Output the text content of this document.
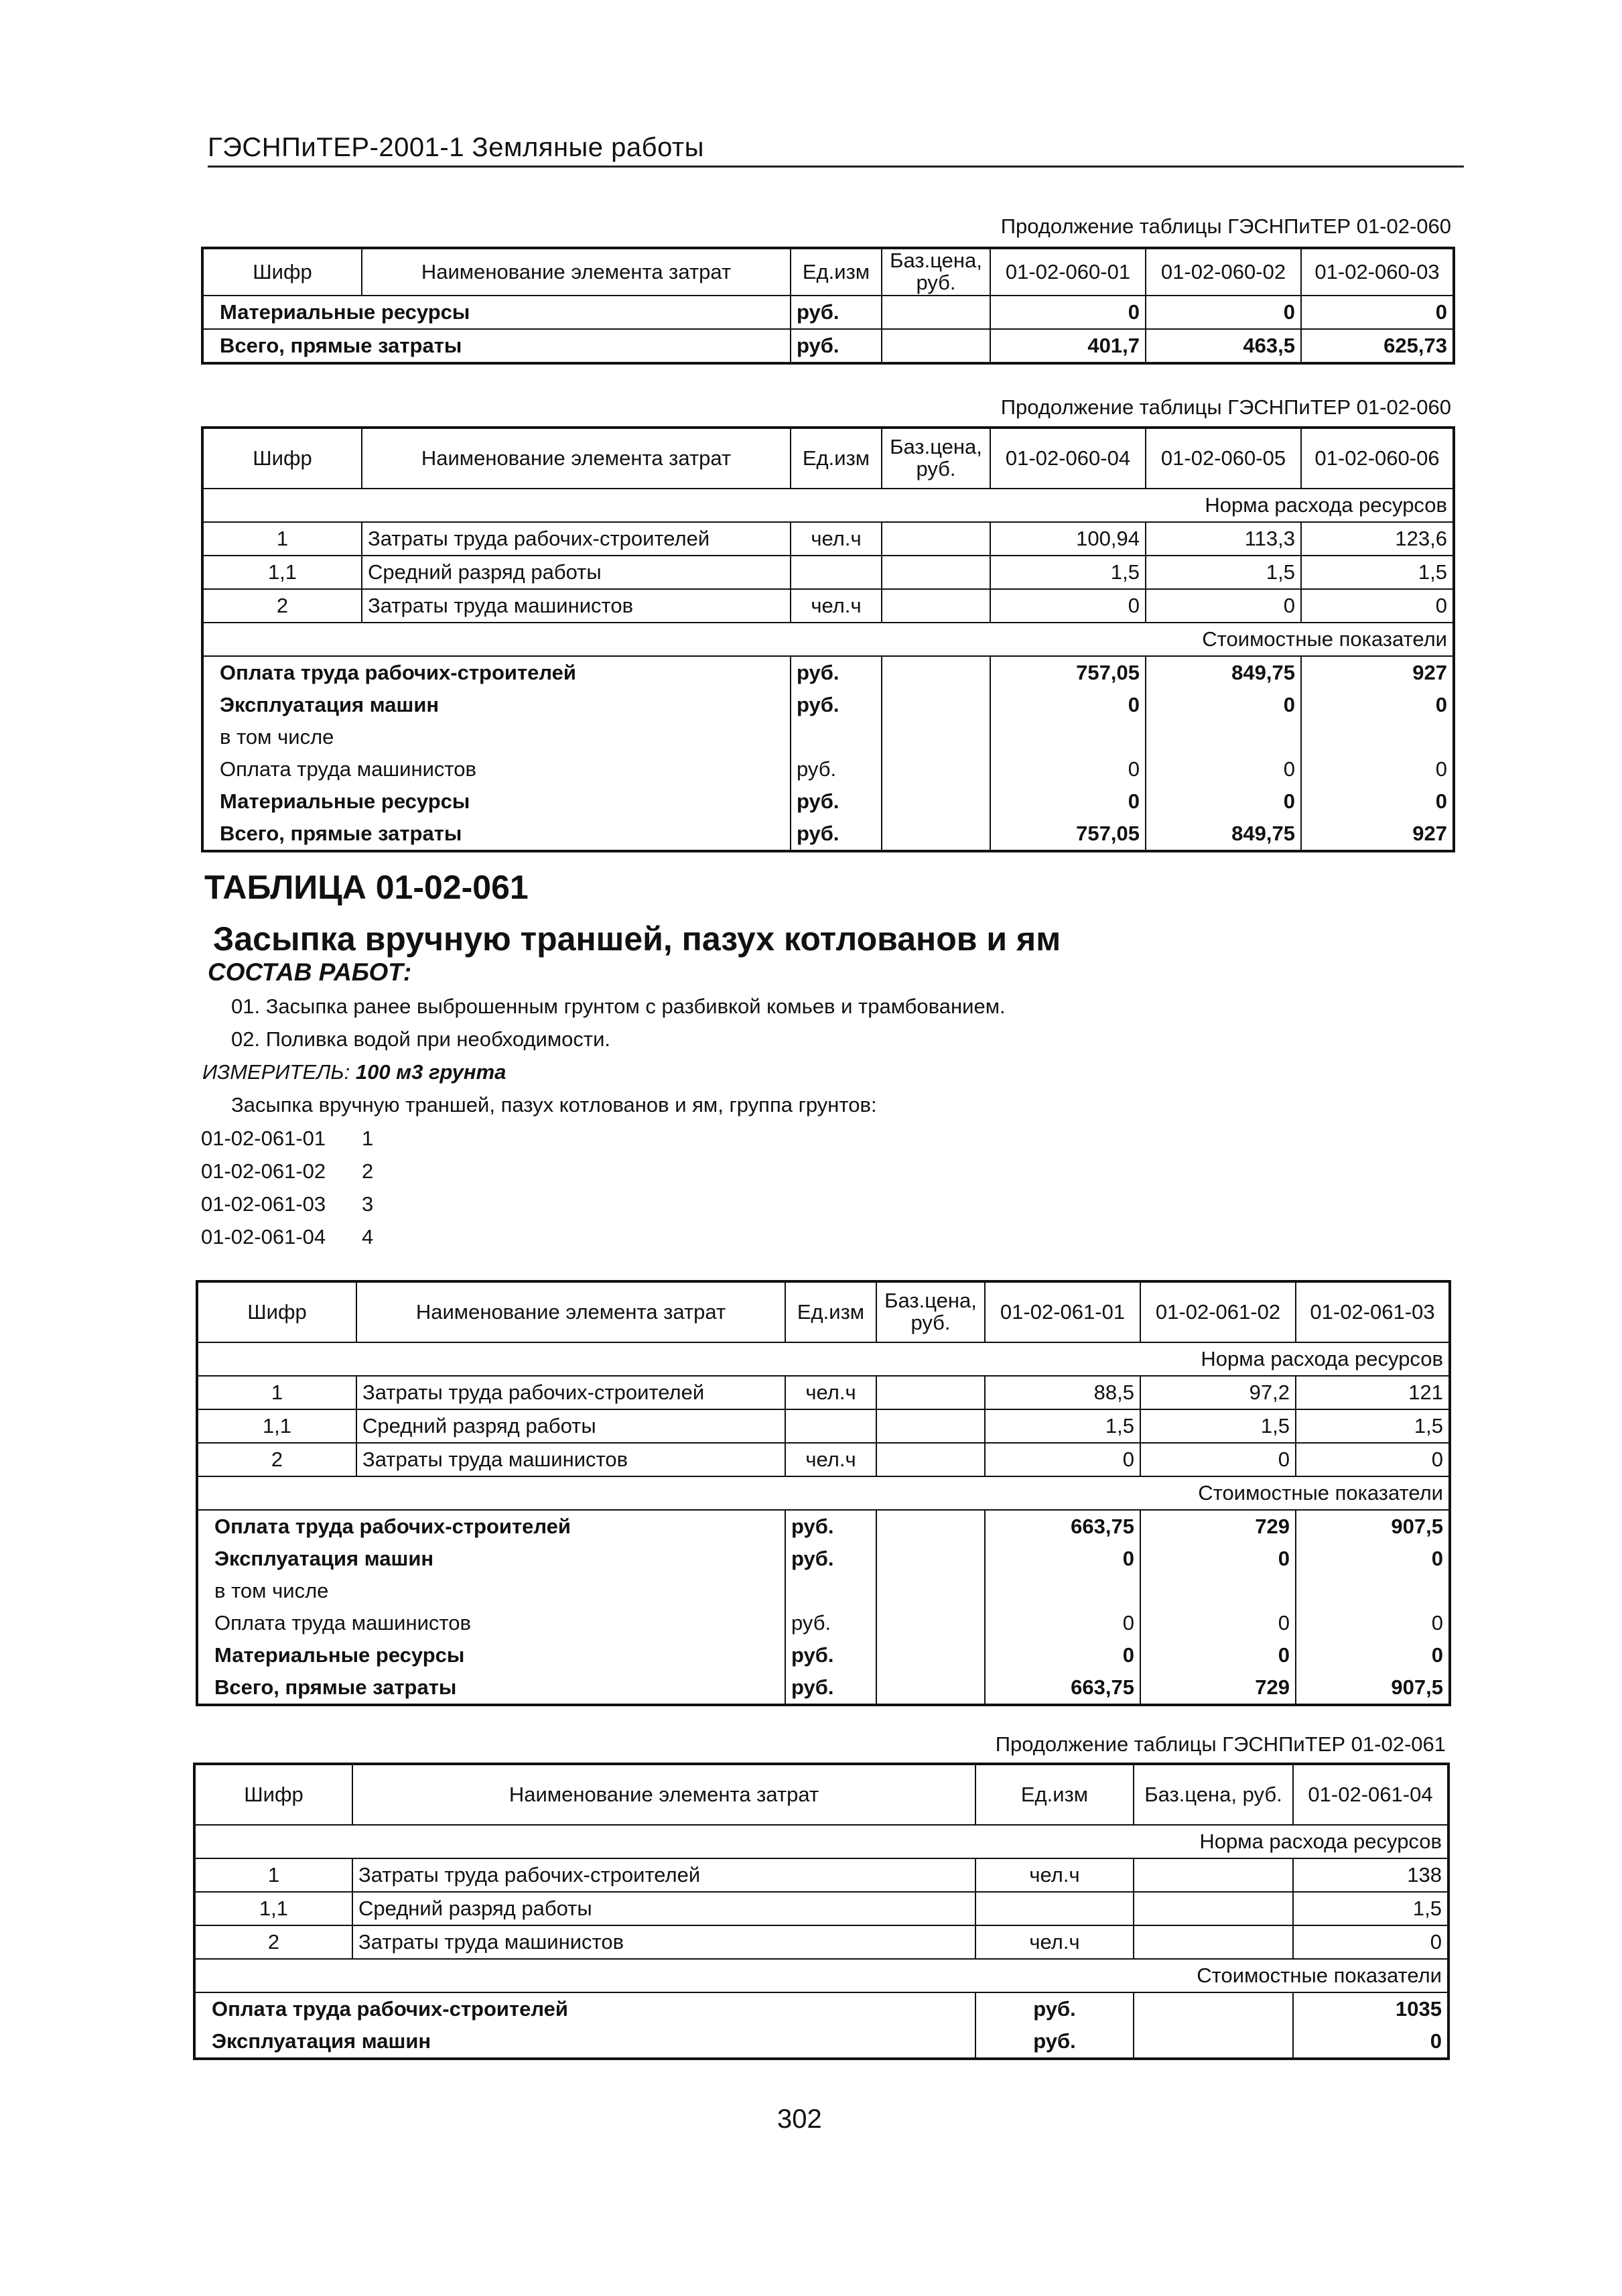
ГЭСНПиТЕР-2001-1 Земляные работы
Продолжение таблицы ГЭСНПиТЕР 01-02-060
Шифр	Наименование элемента затрат	Ед.изм	Баз.цена, руб.	01-02-060-01	01-02-060-02	01-02-060-03
Материальные ресурсы		руб.		0	0	0
Всего, прямые затраты		руб.		401,7	463,5	625,73
Продолжение таблицы ГЭСНПиТЕР 01-02-060
Шифр	Наименование элемента затрат	Ед.изм	Баз.цена, руб.	01-02-060-04	01-02-060-05	01-02-060-06
Норма расхода ресурсов						
1	Затраты труда рабочих-строителей	чел.ч		100,94	113,3	123,6
1,1	Средний разряд работы			1,5	1,5	1,5
2	Затраты труда машинистов	чел.ч		0	0	0
Стоимостные показатели						
Оплата труда рабочих-строителей		руб.		757,05	849,75	927
Эксплуатация машин		руб.		0	0	0
в том числе						
Оплата труда машинистов		руб.		0	0	0
Материальные ресурсы		руб.		0	0	0
Всего, прямые затраты		руб.		757,05	849,75	927
ТАБЛИЦА 01-02-061
Засыпка вручную траншей, пазух котлованов и ям
СОСТАВ РАБОТ:
01. Засыпка ранее выброшенным грунтом с разбивкой комьев и трамбованием.
02. Поливка водой при необходимости.
ИЗМЕРИТЕЛЬ: 100 м3 грунта
Засыпка вручную траншей, пазух котлованов и ям, группа грунтов:
01-02-061-01 1
01-02-061-02 2
01-02-061-03 3
01-02-061-04 4
Шифр	Наименование элемента затрат	Ед.изм	Баз.цена, руб.	01-02-061-01	01-02-061-02	01-02-061-03
Норма расхода ресурсов						
1	Затраты труда рабочих-строителей	чел.ч		88,5	97,2	121
1,1	Средний разряд работы			1,5	1,5	1,5
2	Затраты труда машинистов	чел.ч		0	0	0
Стоимостные показатели						
Оплата труда рабочих-строителей		руб.		663,75	729	907,5
Эксплуатация машин		руб.		0	0	0
в том числе						
Оплата труда машинистов		руб.		0	0	0
Материальные ресурсы		руб.		0	0	0
Всего, прямые затраты		руб.		663,75	729	907,5
Продолжение таблицы ГЭСНПиТЕР 01-02-061
Шифр	Наименование элемента затрат	Ед.изм	Баз.цена, руб.	01-02-061-04
Норма расхода ресурсов				
1	Затраты труда рабочих-строителей	чел.ч		138
1,1	Средний разряд работы			1,5
2	Затраты труда машинистов	чел.ч		0
Стоимостные показатели				
Оплата труда рабочих-строителей		руб.		1035
Эксплуатация машин		руб.		0
302
